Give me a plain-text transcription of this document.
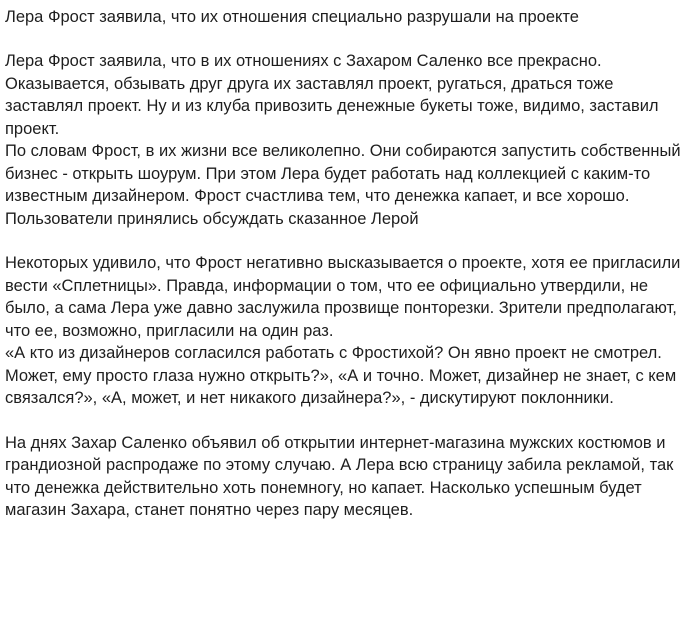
Лера Фрост заявила, что их отношения специально разрушали на проекте

Лера Фрост заявила, что в их отношениях с Захаром Саленко все прекрасно. Оказывается, обзывать друг друга их заставлял проект, ругаться, драться тоже заставлял проект. Ну и из клуба привозить денежные букеты тоже, видимо, заставил проект.

По словам Фрост, в их жизни все великолепно. Они собираются запустить собственный бизнес - открыть шоурум. При этом Лера будет работать над коллекцией с каким-то известным дизайнером. Фрост счастлива тем, что денежка капает, и все хорошо. Пользователи принялись обсуждать сказанное Лерой

Некоторых удивило, что Фрост негативно высказывается о проекте, хотя ее пригласили вести «Сплетницы». Правда, информации о том, что ее официально утвердили, не было, а сама Лера уже давно заслужила прозвище понторезки. Зрители предполагают, что ее, возможно, пригласили на один раз.

«А кто из дизайнеров согласился работать с Фростихой? Он явно проект не смотрел. Может, ему просто глаза нужно открыть?», «А и точно. Может, дизайнер не знает, с кем связался?», «А, может, и нет никакого дизайнера?», - дискутируют поклонники.

На днях Захар Саленко объявил об открытии интернет-магазина мужских костюмов и грандиозной распродаже по этому случаю. А Лера всю страницу забила рекламой, так что денежка действительно хоть понемногу, но капает. Насколько успешным будет магазин Захара, станет понятно через пару месяцев.
